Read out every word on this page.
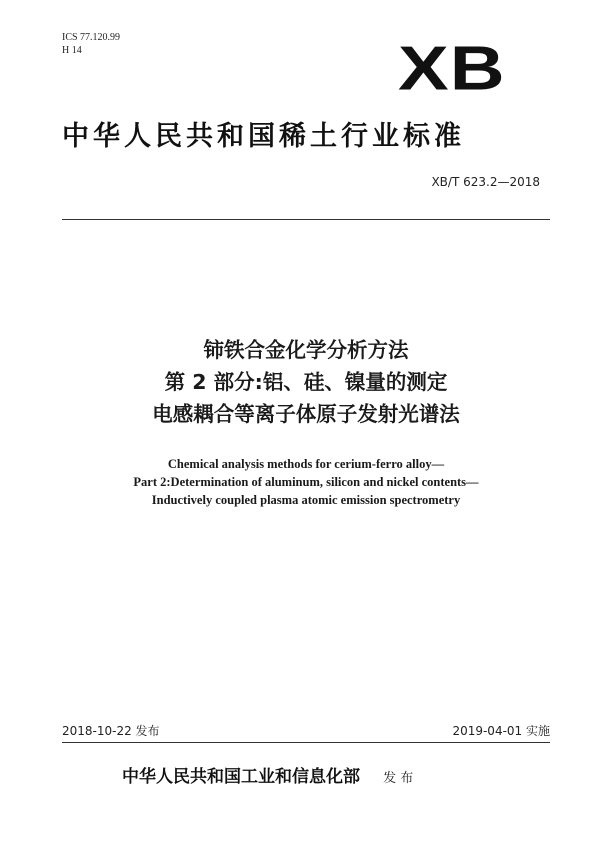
ICS 77.120.99
H 14	XB
中华人民共和国稀土行业标准
XB/T 623.2—2018
铈铁合金化学分析方法
第 2 部分:铝、硅、镍量的测定
电感耦合等离子体原子发射光谱法
Chemical analysis methods for cerium-ferro alloy—
Part 2:Determination of aluminum, silicon and nickel contents—
Inductively coupled plasma atomic emission spectrometry
2018-10-22 发布	2019-04-01 实施
中华人民共和国工业和信息化部 发 布
